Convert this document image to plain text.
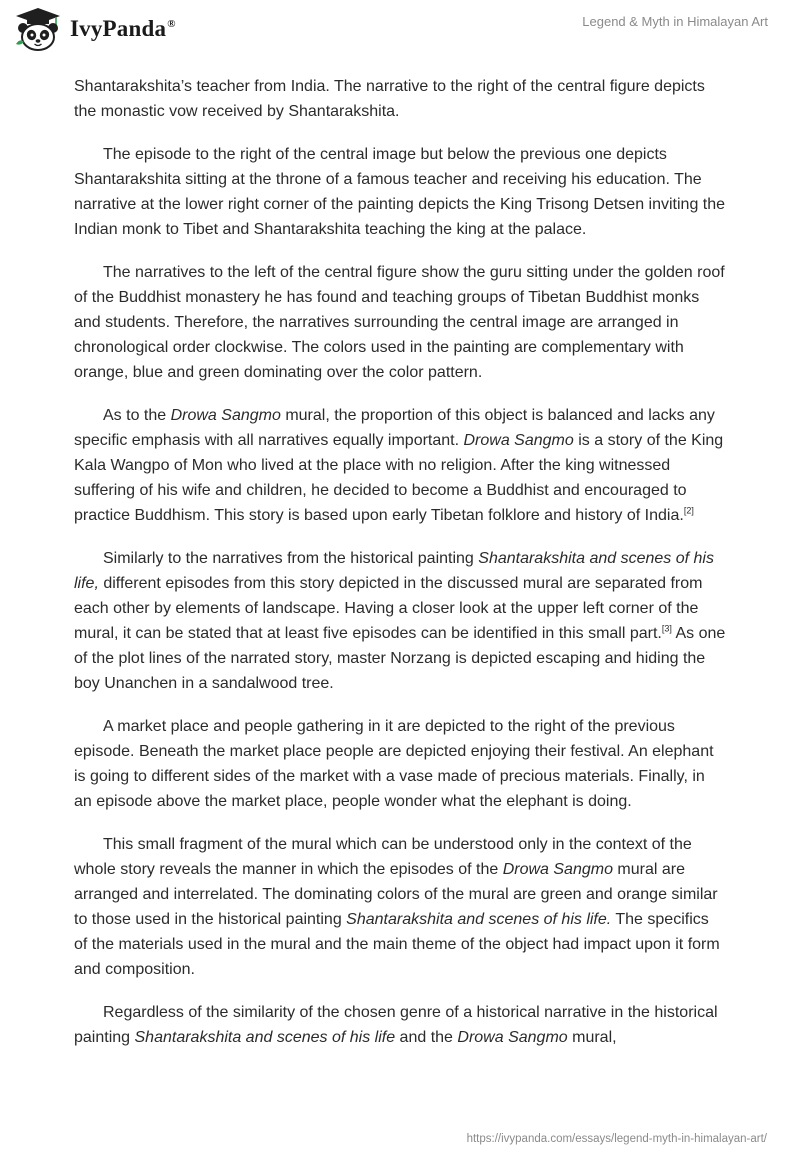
IvyPanda®	Legend & Myth in Himalayan Art

Shantarakshita’s teacher from India. The narrative to the right of the central figure depicts the monastic vow received by Shantarakshita.

The episode to the right of the central image but below the previous one depicts Shantarakshita sitting at the throne of a famous teacher and receiving his education. The narrative at the lower right corner of the painting depicts the King Trisong Detsen inviting the Indian monk to Tibet and Shantarakshita teaching the king at the palace.

The narratives to the left of the central figure show the guru sitting under the golden roof of the Buddhist monastery he has found and teaching groups of Tibetan Buddhist monks and students. Therefore, the narratives surrounding the central image are arranged in chronological order clockwise. The colors used in the painting are complementary with orange, blue and green dominating over the color pattern.

As to the Drowa Sangmo mural, the proportion of this object is balanced and lacks any specific emphasis with all narratives equally important. Drowa Sangmo is a story of the King Kala Wangpo of Mon who lived at the place with no religion. After the king witnessed suffering of his wife and children, he decided to become a Buddhist and encouraged to practice Buddhism. This story is based upon early Tibetan folklore and history of India.[2]

Similarly to the narratives from the historical painting Shantarakshita and scenes of his life, different episodes from this story depicted in the discussed mural are separated from each other by elements of landscape. Having a closer look at the upper left corner of the mural, it can be stated that at least five episodes can be identified in this small part.[3] As one of the plot lines of the narrated story, master Norzang is depicted escaping and hiding the boy Unanchen in a sandalwood tree.

A market place and people gathering in it are depicted to the right of the previous episode. Beneath the market place people are depicted enjoying their festival. An elephant is going to different sides of the market with a vase made of precious materials. Finally, in an episode above the market place, people wonder what the elephant is doing.

This small fragment of the mural which can be understood only in the context of the whole story reveals the manner in which the episodes of the Drowa Sangmo mural are arranged and interrelated. The dominating colors of the mural are green and orange similar to those used in the historical painting Shantarakshita and scenes of his life. The specifics of the materials used in the mural and the main theme of the object had impact upon it form and composition.

Regardless of the similarity of the chosen genre of a historical narrative in the historical painting Shantarakshita and scenes of his life and the Drowa Sangmo mural,

https://ivypanda.com/essays/legend-myth-in-himalayan-art/
